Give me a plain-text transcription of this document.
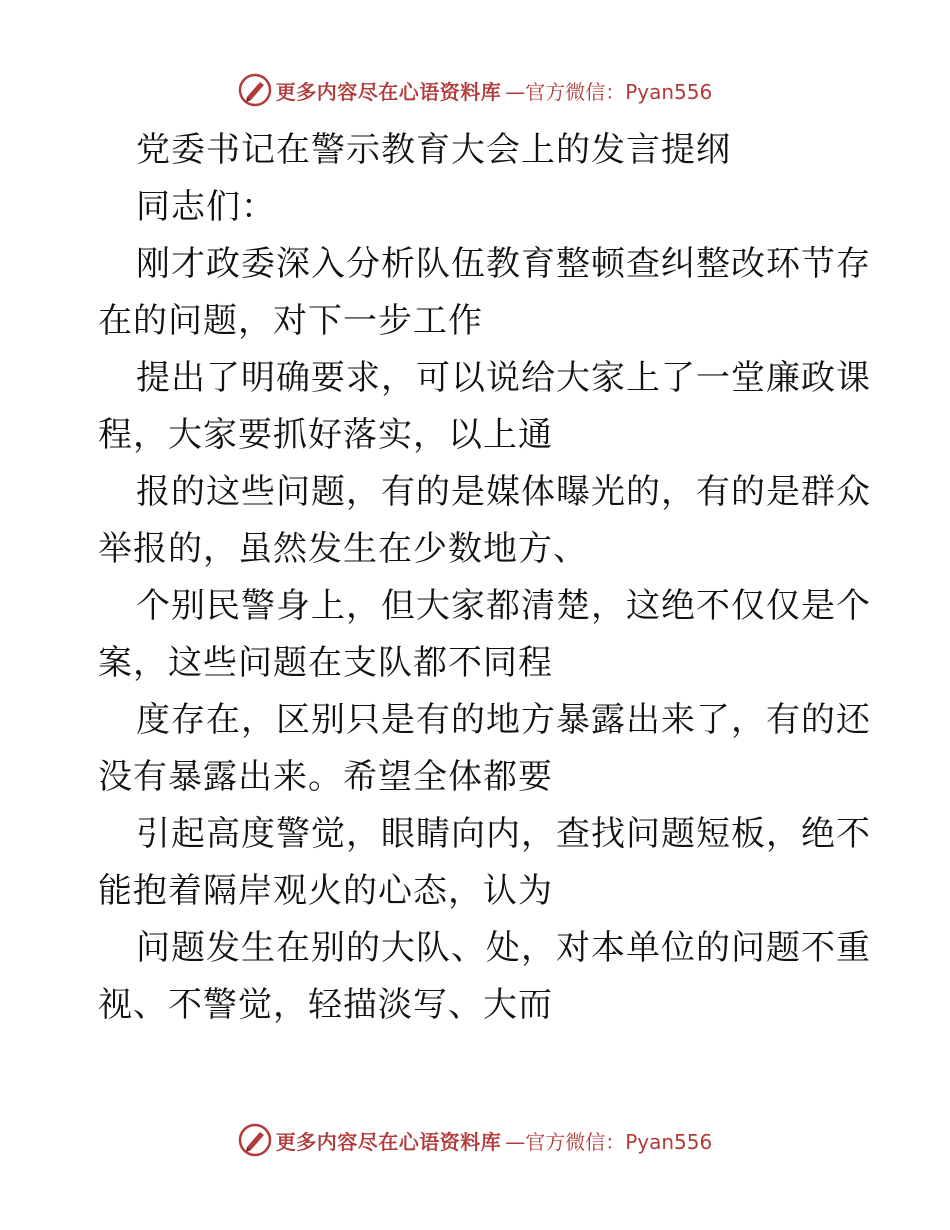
更多内容尽在心语资料库 —官方微信：Pyan556
党委书记在警示教育大会上的发言提纲
同志们：
刚才政委深入分析队伍教育整顿查纠整改环节存
在的问题，对下一步工作
提出了明确要求，可以说给大家上了一堂廉政课
程，大家要抓好落实，以上通
报的这些问题，有的是媒体曝光的，有的是群众
举报的，虽然发生在少数地方、
个别民警身上，但大家都清楚，这绝不仅仅是个
案，这些问题在支队都不同程
度存在，区别只是有的地方暴露出来了，有的还
没有暴露出来。希望全体都要
引起高度警觉，眼睛向内，查找问题短板，绝不
能抱着隔岸观火的心态，认为
问题发生在别的大队、处，对本单位的问题不重
视、不警觉，轻描淡写、大而
更多内容尽在心语资料库 —官方微信：Pyan556
